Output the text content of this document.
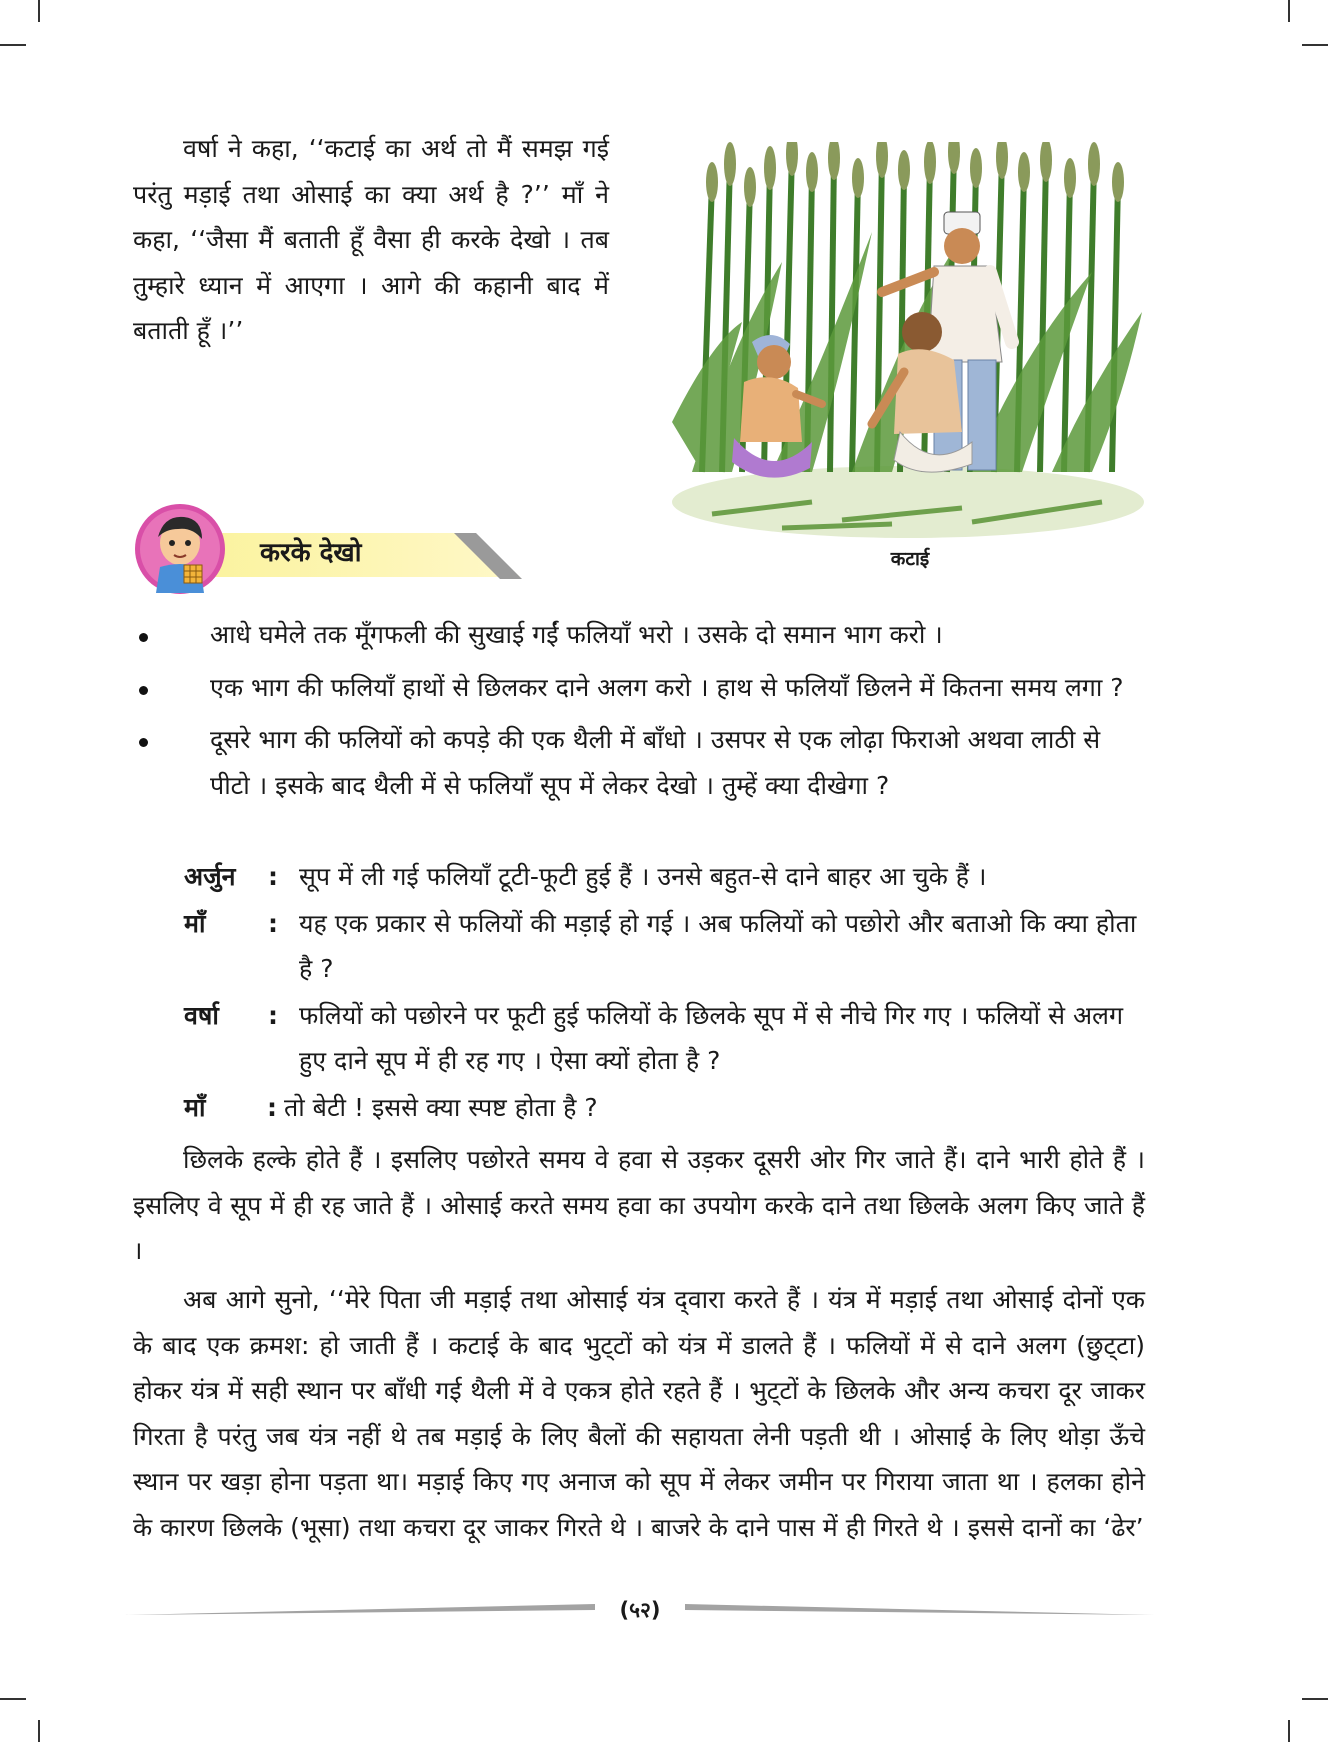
वर्षा ने कहा, ‘‘कटाई का अर्थ तो मैं समझ गई परंतु मड़ाई तथा ओसाई का क्या अर्थ है ?’’ माँ ने कहा, ‘‘जैसा मैं बताती हूँ वैसा ही करके देखो । तब तुम्हारे ध्यान में आएगा । आगे की कहानी बाद में बताती हूँ ।’’

कटाई
करके देखो
आधे घमेले तक मूँगफली की सुखाई गईं फलियाँ भरो । उसके दो समान भाग करो ।
एक भाग की फलियाँ हाथों से छिलकर दाने अलग करो । हाथ से फलियाँ छिलने में कितना समय लगा ?
दूसरे भाग की फलियों को कपड़े की एक थैली में बाँधो । उसपर से एक लोढ़ा फिराओ अथवा लाठी से पीटो । इसके बाद थैली में से फलियाँ सूप में लेकर देखो । तुम्हें क्या दीखेगा ?
अर्जुन	: सूप में ली गई फलियाँ टूटी-फूटी हुई हैं । उनसे बहुत-से दाने बाहर आ चुके हैं ।
माँ	: यह एक प्रकार से फलियों की मड़ाई हो गई । अब फलियों को पछोरो और बताओ कि क्या होता है ?
वर्षा	: फलियों को पछोरने पर फूटी हुई फलियों के छिलके सूप में से नीचे गिर गए । फलियों से अलग हुए दाने सूप में ही रह गए । ऐसा क्यों होता है ?
माँ	: तो बेटी ! इससे क्या स्पष्ट होता है ?

छिलके हल्के होते हैं । इसलिए पछोरते समय वे हवा से उड़कर दूसरी ओर गिर जाते हैं। दाने भारी होते हैं । इसलिए वे सूप में ही रह जाते हैं । ओसाई करते समय हवा का उपयोग करके दाने तथा छिलके अलग किए जाते हैं ।

अब आगे सुनो, ‘‘मेरे पिता जी मड़ाई तथा ओसाई यंत्र द्‍वारा करते हैं । यंत्र में मड़ाई तथा ओसाई दोनों एक के बाद एक क्रमश: हो जाती हैं । कटाई के बाद भुट्‍टों को यंत्र में डालते हैं । फलियों में से दाने अलग (छुट्‍टा) होकर यंत्र में सही स्थान पर बाँधी गई थैली में वे एकत्र होते रहते हैं । भुट्‍टों के छिलके और अन्य कचरा दूर जाकर गिरता है परंतु जब यंत्र नहीं थे तब मड़ाई के लिए बैलों की सहायता लेनी पड़ती थी । ओसाई के लिए थोड़ा ऊँचे स्थान पर खड़ा होना पड़ता था। मड़ाई किए गए अनाज को सूप में लेकर जमीन पर गिराया जाता था । हलका होने के कारण छिलके (भूसा) तथा कचरा दूर जाकर गिरते थे । बाजरे के दाने पास में ही गिरते थे । इससे दानों का ‘ढेर’

(५२)
